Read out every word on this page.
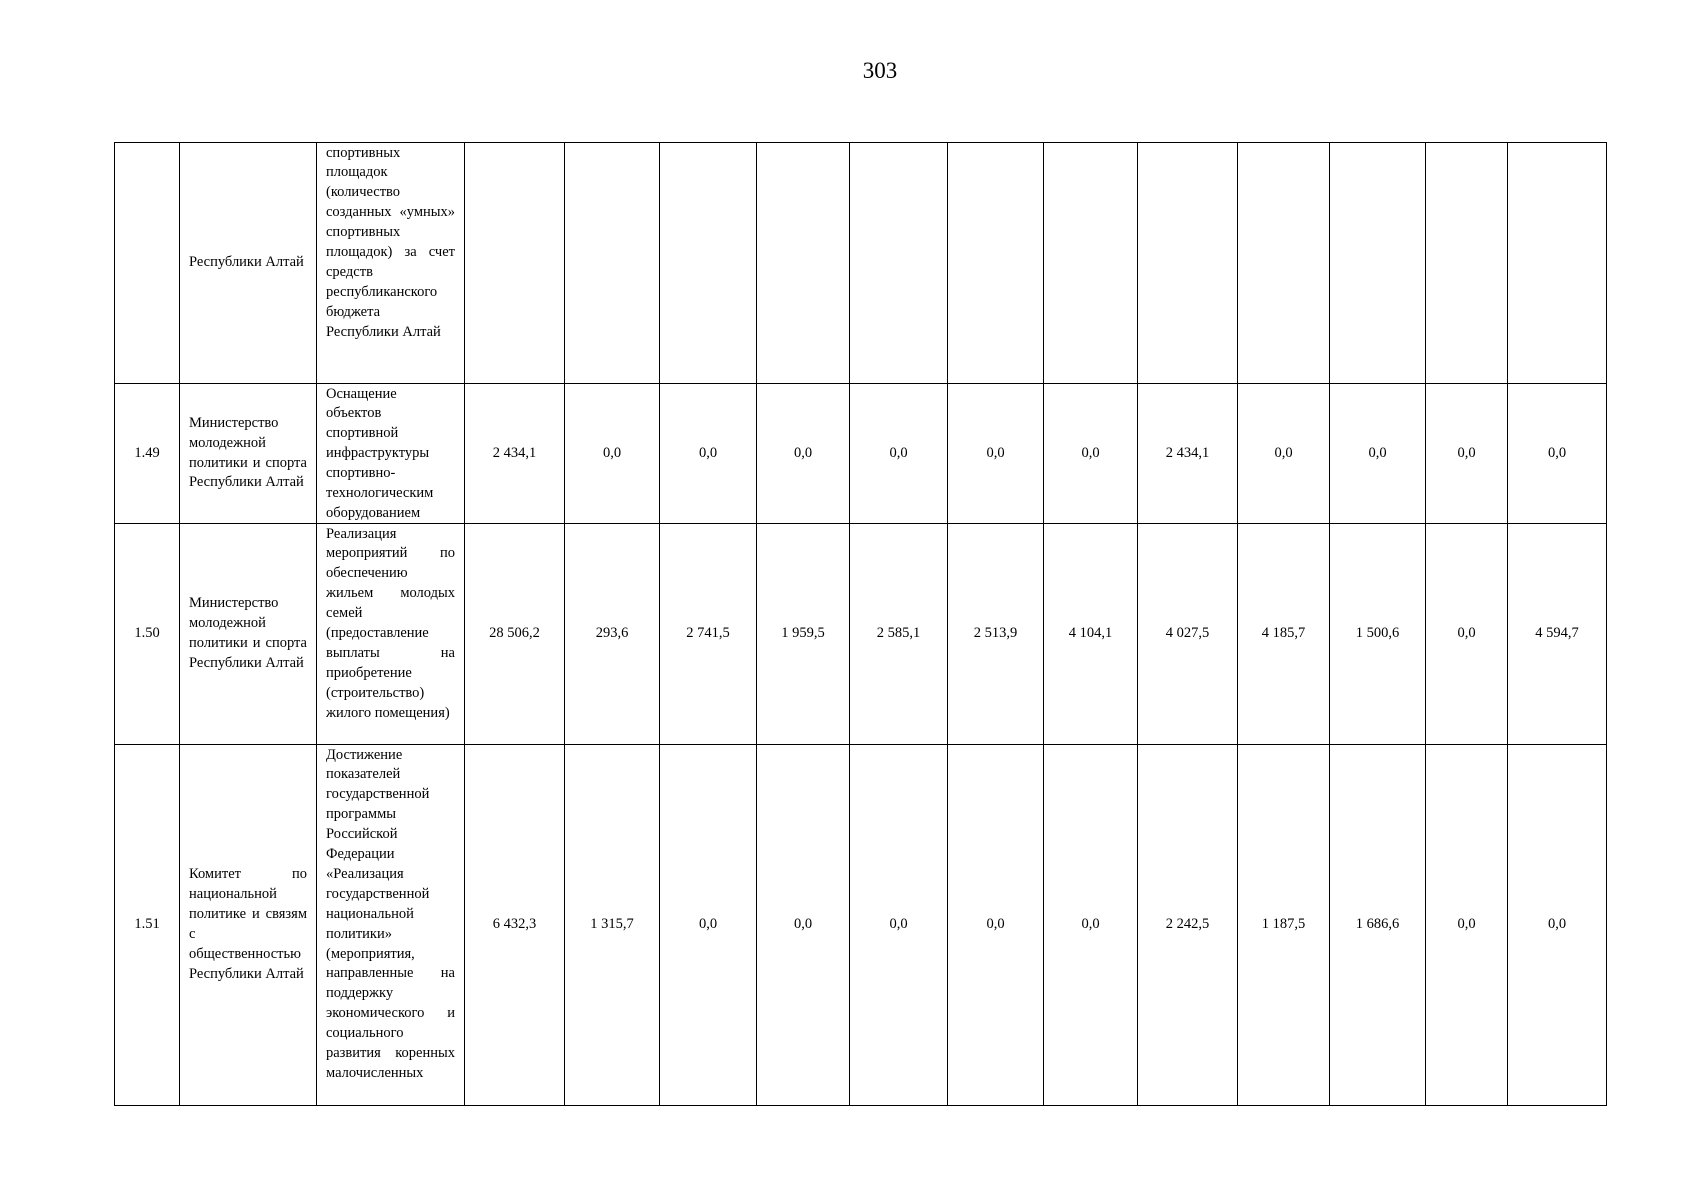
303
	Республики Алтай	спортивных площадок (количество созданных «умных» спортивных площадок) за счет средств республиканского бюджета Республики Алтай												

1.49	Министерство молодежной политики и спорта Республики Алтай	Оснащение объектов спортивной инфраструктуры спортивно-технологическим оборудованием	2 434,1	0,0	0,0	0,0	0,0	0,0	0,0	2 434,1	0,0	0,0	0,0	0,0
1.50	Министерство молодежной политики и спорта Республики Алтай	Реализация мероприятий по обеспечению жильем молодых семей (предоставление выплаты на приобретение (строительство) жилого помещения)	28 506,2	293,6	2 741,5	1 959,5	2 585,1	2 513,9	4 104,1	4 027,5	4 185,7	1 500,6	0,0	4 594,7
1.51	Комитет по национальной политике и связям с общественностью Республики Алтай	Достижение показателей государственной программы Российской Федерации «Реализация государственной национальной политики» (мероприятия, направленные на поддержку экономического и социального развития коренных малочисленных	6 432,3	1 315,7	0,0	0,0	0,0	0,0	0,0	2 242,5	1 187,5	1 686,6	0,0	0,0
